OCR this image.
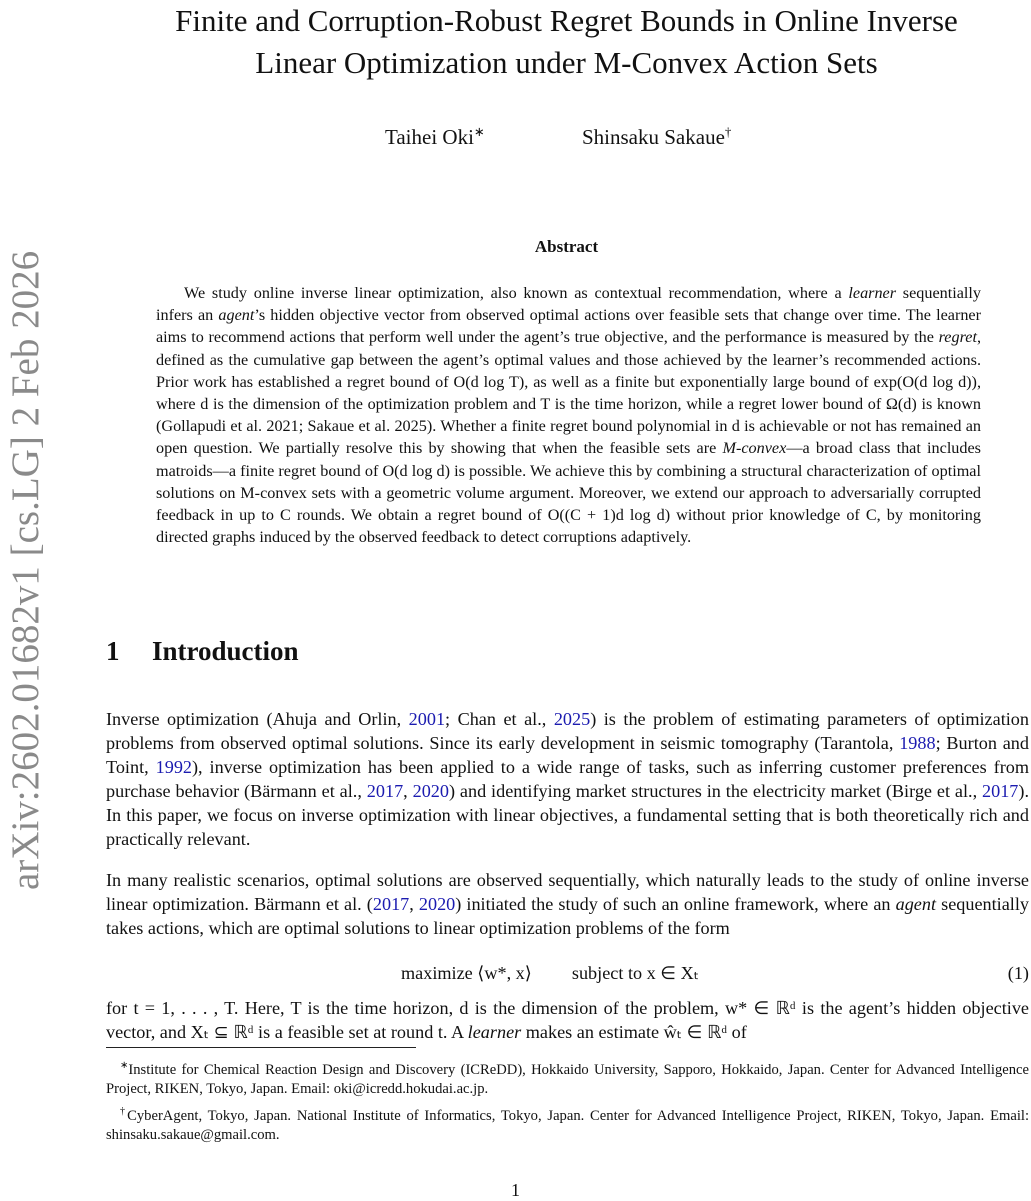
arXiv:2602.01682v1 [cs.LG] 2 Feb 2026
Finite and Corruption-Robust Regret Bounds in Online Inverse
Linear Optimization under M-Convex Action Sets
Taihei Oki∗	Shinsaku Sakaue†
Abstract
We study online inverse linear optimization, also known as contextual recommendation, where a learner sequentially infers an agent’s hidden objective vector from observed optimal actions over feasible sets that change over time. The learner aims to recommend actions that perform well under the agent’s true objective, and the performance is measured by the regret, defined as the cumulative gap between the agent’s optimal values and those achieved by the learner’s recommended actions. Prior work has established a regret bound of O(d log T), as well as a finite but exponentially large bound of exp(O(d log d)), where d is the dimension of the optimization problem and T is the time horizon, while a regret lower bound of Ω(d) is known (Gollapudi et al. 2021; Sakaue et al. 2025). Whether a finite regret bound polynomial in d is achievable or not has remained an open question. We partially resolve this by showing that when the feasible sets are M-convex—a broad class that includes matroids—a finite regret bound of O(d log d) is possible. We achieve this by combining a structural characterization of optimal solutions on M-convex sets with a geometric volume argument. Moreover, we extend our approach to adversarially corrupted feedback in up to C rounds. We obtain a regret bound of O((C + 1)d log d) without prior knowledge of C, by monitoring directed graphs induced by the observed feedback to detect corruptions adaptively.
1 Introduction
Inverse optimization (Ahuja and Orlin, 2001; Chan et al., 2025) is the problem of estimating parameters of optimization problems from observed optimal solutions. Since its early development in seismic tomography (Tarantola, 1988; Burton and Toint, 1992), inverse optimization has been applied to a wide range of tasks, such as inferring customer preferences from purchase behavior (Bärmann et al., 2017, 2020) and identifying market structures in the electricity market (Birge et al., 2017). In this paper, we focus on inverse optimization with linear objectives, a fundamental setting that is both theoretically rich and practically relevant.
In many realistic scenarios, optimal solutions are observed sequentially, which naturally leads to the study of online inverse linear optimization. Bärmann et al. (2017, 2020) initiated the study of such an online framework, where an agent sequentially takes actions, which are optimal solutions to linear optimization problems of the form
maximize ⟨w*, x⟩ subject to x ∈ Xₜ	(1)
for t = 1, . . . , T. Here, T is the time horizon, d is the dimension of the problem, w* ∈ ℝᵈ is the agent’s hidden objective vector, and Xₜ ⊆ ℝᵈ is a feasible set at round t. A learner makes an estimate ŵₜ ∈ ℝᵈ of
∗Institute for Chemical Reaction Design and Discovery (ICReDD), Hokkaido University, Sapporo, Hokkaido, Japan. Center for Advanced Intelligence Project, RIKEN, Tokyo, Japan. Email: oki@icredd.hokudai.ac.jp.
†CyberAgent, Tokyo, Japan. National Institute of Informatics, Tokyo, Japan. Center for Advanced Intelligence Project, RIKEN, Tokyo, Japan. Email: shinsaku.sakaue@gmail.com.
1
